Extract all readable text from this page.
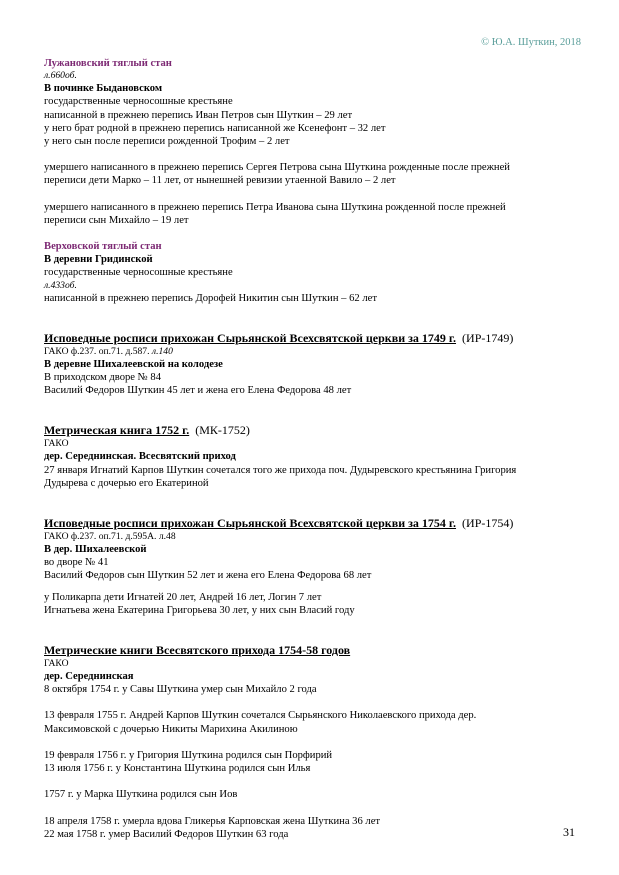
© Ю.А. Шуткин, 2018
Лужановский тяглый стан
л.660об.
В починке Быдановском
государственные черносошные крестьяне
написанной в прежнею перепись Иван Петров сын Шуткин – 29 лет
у него брат родной в прежнею перепись написанной же Ксенефонт – 32 лет
у него сын после переписи рожденной Трофим – 2 лет
умершего написанного в прежнею перепись Сергея Петрова сына Шуткина рожденные после прежней
переписи дети Марко – 11 лет, от нынешней ревизии утаенной Вавило – 2 лет
умершего написанного в прежнею перепись Петра Иванова сына Шуткина рожденной после прежней
переписи сын Михайло – 19 лет
Верховской тяглый стан
В деревни Гридинской
государственные черносошные крестьяне
л.433об.
написанной в прежнею перепись Дорофей Никитин сын Шуткин – 62 лет
Исповедные росписи прихожан Сырьянской Всехсвятской церкви за 1749 г. (ИР-1749)
ГАКО ф.237. оп.71. д.587. л.140
В деревне Шихалеевской на колодезе
В приходском дворе № 84
Василий Федоров Шуткин 45 лет и жена его Елена Федорова 48 лет
Метрическая книга 1752 г. (МК-1752)
ГАКО
дер. Середнинская. Всесвятский приход
27 января Игнатий Карпов Шуткин сочетался того же прихода поч. Дудыревского крестьянина Григория
Дудырева с дочерью его Екатериной
Исповедные росписи прихожан Сырьянской Всехсвятской церкви за 1754 г. (ИР-1754)
ГАКО ф.237. оп.71. д.595А. л.48
В дер. Шихалеевской
во дворе № 41
Василий Федоров сын Шуткин 52 лет и жена его Елена Федорова 68 лет
у Поликарпа дети Игнатей 20 лет, Андрей 16 лет, Логин 7 лет
Игнатьева жена Екатерина Григорьева 30 лет, у них сын Власий году
Метрические книги Всесвятского прихода 1754-58 годов
ГАКО
дер. Середнинская
8 октября 1754 г. у Савы Шуткина умер сын Михайло 2 года
13 февраля 1755 г. Андрей Карпов Шуткин сочетался Сырьянского Николаевского прихода дер.
Максимовской с дочерью Никиты Марихина Акилиною
19 февраля 1756 г. у Григория Шуткина родился сын Порфирий
13 июля 1756 г. у Константина Шуткина родился сын Илья
1757 г. у Марка Шуткина родился сын Иов
18 апреля 1758 г. умерла вдова Гликерья Карповская жена Шуткина 36 лет
22 мая 1758 г. умер Василий Федоров Шуткин 63 года	31
